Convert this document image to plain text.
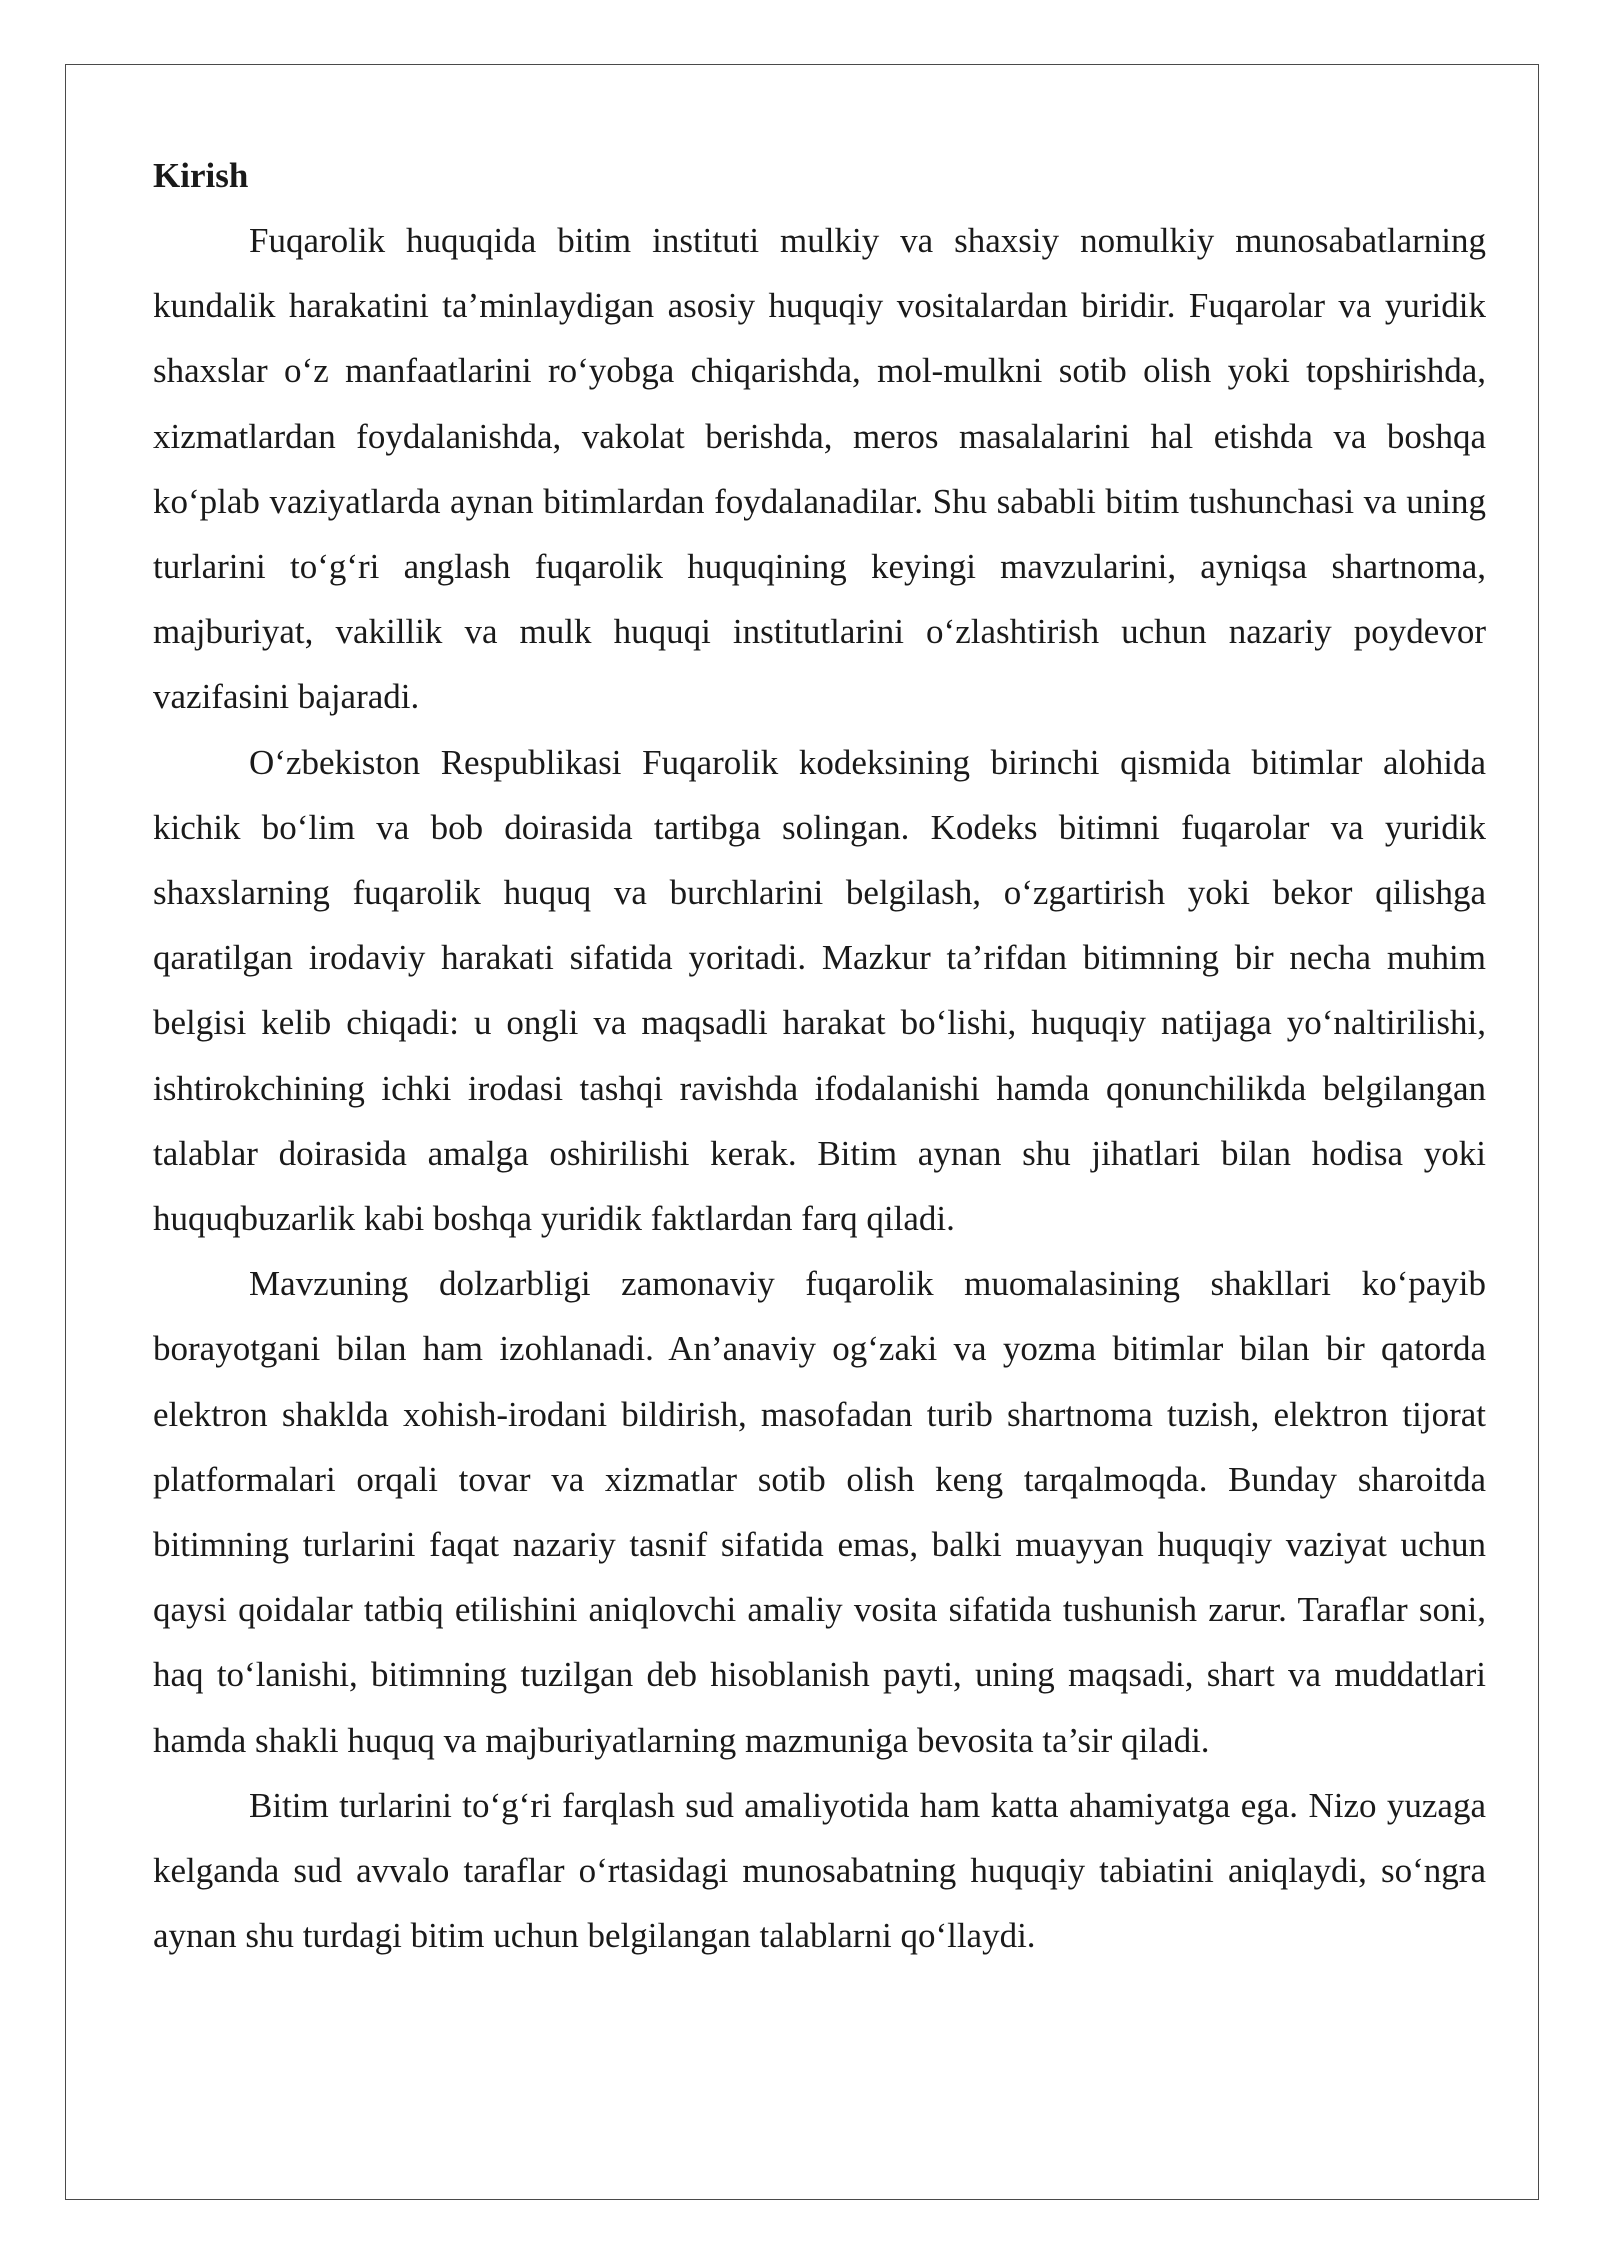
Kirish

Fuqarolik huquqida bitim instituti mulkiy va shaxsiy nomulkiy munosabatlarning kundalik harakatini ta’minlaydigan asosiy huquqiy vositalardan biridir. Fuqarolar va yuridik shaxslar o‘z manfaatlarini ro‘yobga chiqarishda, mol-mulkni sotib olish yoki topshirishda, xizmatlardan foydalanishda, vakolat berishda, meros masalalarini hal etishda va boshqa ko‘plab vaziyatlarda aynan bitimlardan foydalanadilar. Shu sababli bitim tushunchasi va uning turlarini to‘g‘ri anglash fuqarolik huquqining keyingi mavzularini, ayniqsa shartnoma, majburiyat, vakillik va mulk huquqi institutlarini o‘zlashtirish uchun nazariy poydevor vazifasini bajaradi.

O‘zbekiston Respublikasi Fuqarolik kodeksining birinchi qismida bitimlar alohida kichik bo‘lim va bob doirasida tartibga solingan. Kodeks bitimni fuqarolar va yuridik shaxslarning fuqarolik huquq va burchlarini belgilash, o‘zgartirish yoki bekor qilishga qaratilgan irodaviy harakati sifatida yoritadi. Mazkur ta’rifdan bitimning bir necha muhim belgisi kelib chiqadi: u ongli va maqsadli harakat bo‘lishi, huquqiy natijaga yo‘naltirilishi, ishtirokchining ichki irodasi tashqi ravishda ifodalanishi hamda qonunchilikda belgilangan talablar doirasida amalga oshirilishi kerak. Bitim aynan shu jihatlari bilan hodisa yoki huquqbuzarlik kabi boshqa yuridik faktlardan farq qiladi.

Mavzuning dolzarbligi zamonaviy fuqarolik muomalasining shakllari ko‘payib borayotgani bilan ham izohlanadi. An’anaviy og‘zaki va yozma bitimlar bilan bir qatorda elektron shaklda xohish-irodani bildirish, masofadan turib shartnoma tuzish, elektron tijorat platformalari orqali tovar va xizmatlar sotib olish keng tarqalmoqda. Bunday sharoitda bitimning turlarini faqat nazariy tasnif sifatida emas, balki muayyan huquqiy vaziyat uchun qaysi qoidalar tatbiq etilishini aniqlovchi amaliy vosita sifatida tushunish zarur. Taraflar soni, haq to‘lanishi, bitimning tuzilgan deb hisoblanish payti, uning maqsadi, shart va muddatlari hamda shakli huquq va majburiyatlarning mazmuniga bevosita ta’sir qiladi.

Bitim turlarini to‘g‘ri farqlash sud amaliyotida ham katta ahamiyatga ega. Nizo yuzaga kelganda sud avvalo taraflar o‘rtasidagi munosabatning huquqiy tabiatini aniqlaydi, so‘ngra aynan shu turdagi bitim uchun belgilangan talablarni qo‘llaydi.
